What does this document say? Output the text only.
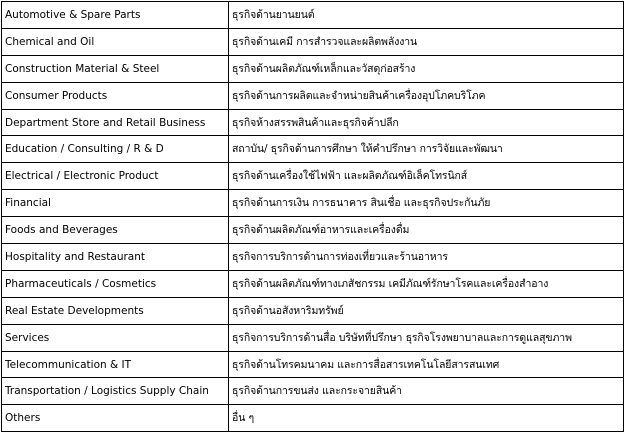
Automotive & Spare Parts	ธุรกิจด้านยานยนต์
Chemical and Oil	ธุรกิจด้านเคมี การสำรวจและผลิตพลังงาน
Construction Material & Steel	ธุรกิจด้านผลิตภัณฑ์เหล็กและวัสดุก่อสร้าง
Consumer Products	ธุรกิจด้านการผลิตและจำหน่ายสินค้าเครื่องอุปโภคบริโภค
Department Store and Retail Business	ธุรกิจห้างสรรพสินค้าและธุรกิจค้าปลีก
Education / Consulting / R & D	สถาบัน/ ธุรกิจด้านการศึกษา ให้คำปรึกษา การวิจัยและพัฒนา
Electrical / Electronic Product	ธุรกิจด้านเครื่องใช้ไฟฟ้า และผลิตภัณฑ์อิเล็คโทรนิกส์
Financial	ธุรกิจด้านการเงิน การธนาคาร สินเชื่อ และธุรกิจประกันภัย
Foods and Beverages	ธุรกิจด้านผลิตภัณฑ์อาหารและเครื่องดื่ม
Hospitality and Restaurant	ธุรกิจการบริการด้านการท่องเที่ยวและร้านอาหาร
Pharmaceuticals / Cosmetics	ธุรกิจด้านผลิตภัณฑ์ทางเภสัชกรรม เคมีภัณฑ์รักษาโรคและเครื่องสำอาง
Real Estate Developments	ธุรกิจด้านอสังหาริมทรัพย์
Services	ธุรกิจการบริการด้านสื่อ บริษัทที่ปรึกษา ธุรกิจโรงพยาบาลและการดูแลสุขภาพ
Telecommunication & IT	ธุรกิจด้านโทรคมนาคม และการสื่อสารเทคโนโลยีสารสนเทศ
Transportation / Logistics Supply Chain	ธุรกิจด้านการขนส่ง และกระจายสินค้า
Others	อื่น ๆ
